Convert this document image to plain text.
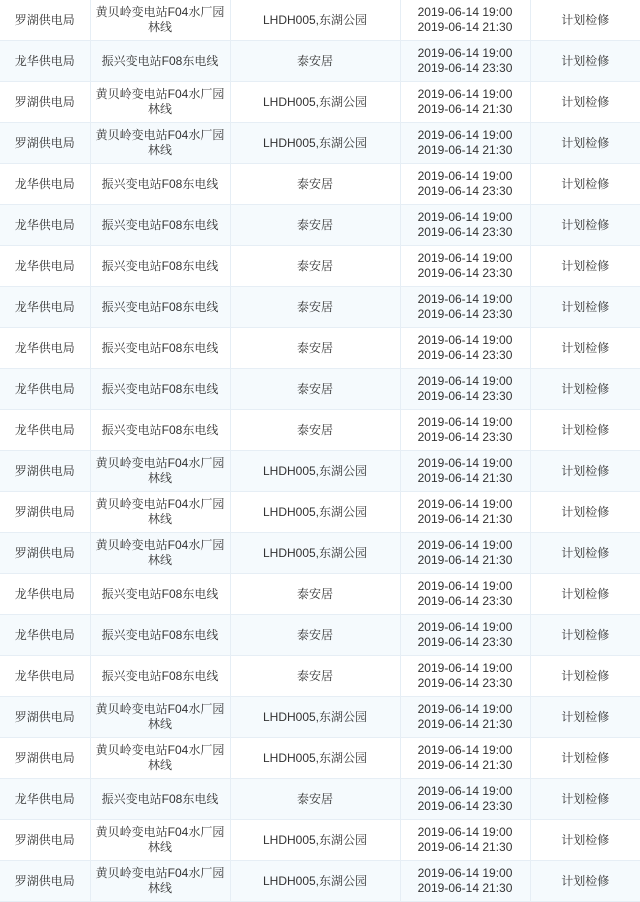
罗湖供电局	黄贝岭变电站F04水厂园林线	LHDH005,东湖公园	2019-06-14 19:00
2019-06-14 21:30	计划检修
龙华供电局	振兴变电站F08东电线	泰安居	2019-06-14 19:00
2019-06-14 23:30	计划检修
罗湖供电局	黄贝岭变电站F04水厂园林线	LHDH005,东湖公园	2019-06-14 19:00
2019-06-14 21:30	计划检修
罗湖供电局	黄贝岭变电站F04水厂园林线	LHDH005,东湖公园	2019-06-14 19:00
2019-06-14 21:30	计划检修
龙华供电局	振兴变电站F08东电线	泰安居	2019-06-14 19:00
2019-06-14 23:30	计划检修
龙华供电局	振兴变电站F08东电线	泰安居	2019-06-14 19:00
2019-06-14 23:30	计划检修
龙华供电局	振兴变电站F08东电线	泰安居	2019-06-14 19:00
2019-06-14 23:30	计划检修
龙华供电局	振兴变电站F08东电线	泰安居	2019-06-14 19:00
2019-06-14 23:30	计划检修
龙华供电局	振兴变电站F08东电线	泰安居	2019-06-14 19:00
2019-06-14 23:30	计划检修
龙华供电局	振兴变电站F08东电线	泰安居	2019-06-14 19:00
2019-06-14 23:30	计划检修
龙华供电局	振兴变电站F08东电线	泰安居	2019-06-14 19:00
2019-06-14 23:30	计划检修
罗湖供电局	黄贝岭变电站F04水厂园林线	LHDH005,东湖公园	2019-06-14 19:00
2019-06-14 21:30	计划检修
罗湖供电局	黄贝岭变电站F04水厂园林线	LHDH005,东湖公园	2019-06-14 19:00
2019-06-14 21:30	计划检修
罗湖供电局	黄贝岭变电站F04水厂园林线	LHDH005,东湖公园	2019-06-14 19:00
2019-06-14 21:30	计划检修
龙华供电局	振兴变电站F08东电线	泰安居	2019-06-14 19:00
2019-06-14 23:30	计划检修
龙华供电局	振兴变电站F08东电线	泰安居	2019-06-14 19:00
2019-06-14 23:30	计划检修
龙华供电局	振兴变电站F08东电线	泰安居	2019-06-14 19:00
2019-06-14 23:30	计划检修
罗湖供电局	黄贝岭变电站F04水厂园林线	LHDH005,东湖公园	2019-06-14 19:00
2019-06-14 21:30	计划检修
罗湖供电局	黄贝岭变电站F04水厂园林线	LHDH005,东湖公园	2019-06-14 19:00
2019-06-14 21:30	计划检修
龙华供电局	振兴变电站F08东电线	泰安居	2019-06-14 19:00
2019-06-14 23:30	计划检修
罗湖供电局	黄贝岭变电站F04水厂园林线	LHDH005,东湖公园	2019-06-14 19:00
2019-06-14 21:30	计划检修
罗湖供电局	黄贝岭变电站F04水厂园林线	LHDH005,东湖公园	2019-06-14 19:00
2019-06-14 21:30	计划检修
